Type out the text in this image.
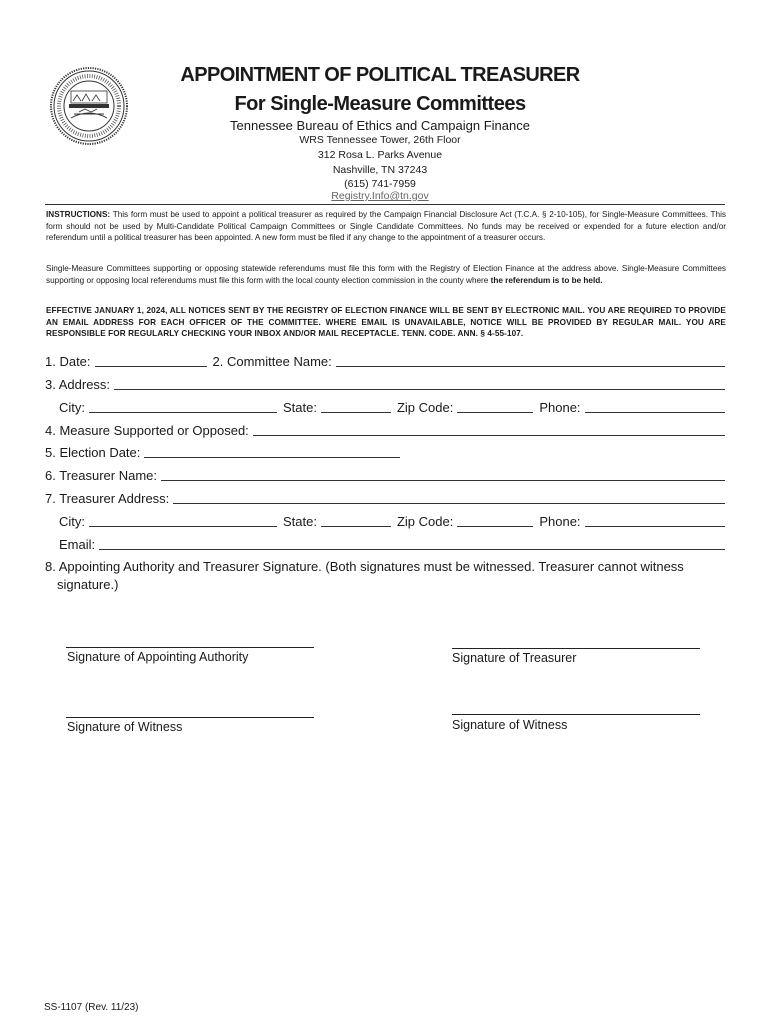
APPOINTMENT OF POLITICAL TREASURER
For Single-Measure Committees
Tennessee Bureau of Ethics and Campaign Finance
WRS Tennessee Tower, 26th Floor
312 Rosa L. Parks Avenue
Nashville, TN 37243
(615) 741-7959
Registry.Info@tn.gov
INSTRUCTIONS: This form must be used to appoint a political treasurer as required by the Campaign Financial Disclosure Act (T.C.A. § 2-10-105), for Single-Measure Committees. This form should not be used by Multi-Candidate Political Campaign Committees or Single Candidate Committees. No funds may be received or expended for a future election and/or referendum until a political treasurer has been appointed. A new form must be filed if any change to the appointment of a treasurer occurs.
Single-Measure Committees supporting or opposing statewide referendums must file this form with the Registry of Election Finance at the address above. Single-Measure Committees supporting or opposing local referendums must file this form with the local county election commission in the county where the referendum is to be held.
EFFECTIVE JANUARY 1, 2024, ALL NOTICES SENT BY THE REGISTRY OF ELECTION FINANCE WILL BE SENT BY ELECTRONIC MAIL. YOU ARE REQUIRED TO PROVIDE AN EMAIL ADDRESS FOR EACH OFFICER OF THE COMMITTEE. WHERE EMAIL IS UNAVAILABLE, NOTICE WILL BE PROVIDED BY REGULAR MAIL. YOU ARE RESPONSIBLE FOR REGULARLY CHECKING YOUR INBOX AND/OR MAIL RECEPTACLE. TENN. CODE. ANN. § 4-55-107.
1. Date:	2. Committee Name:
3. Address:
City:	State:	Zip Code:	Phone:
4. Measure Supported or Opposed:
5. Election Date:
6. Treasurer Name:
7. Treasurer Address:
City:	State:	Zip Code:	Phone:
Email:
8. Appointing Authority and Treasurer Signature. (Both signatures must be witnessed. Treasurer cannot witness
signature.)
Signature of Appointing Authority	Signature of Treasurer
Signature of Witness	Signature of Witness
SS-1107 (Rev. 11/23)
